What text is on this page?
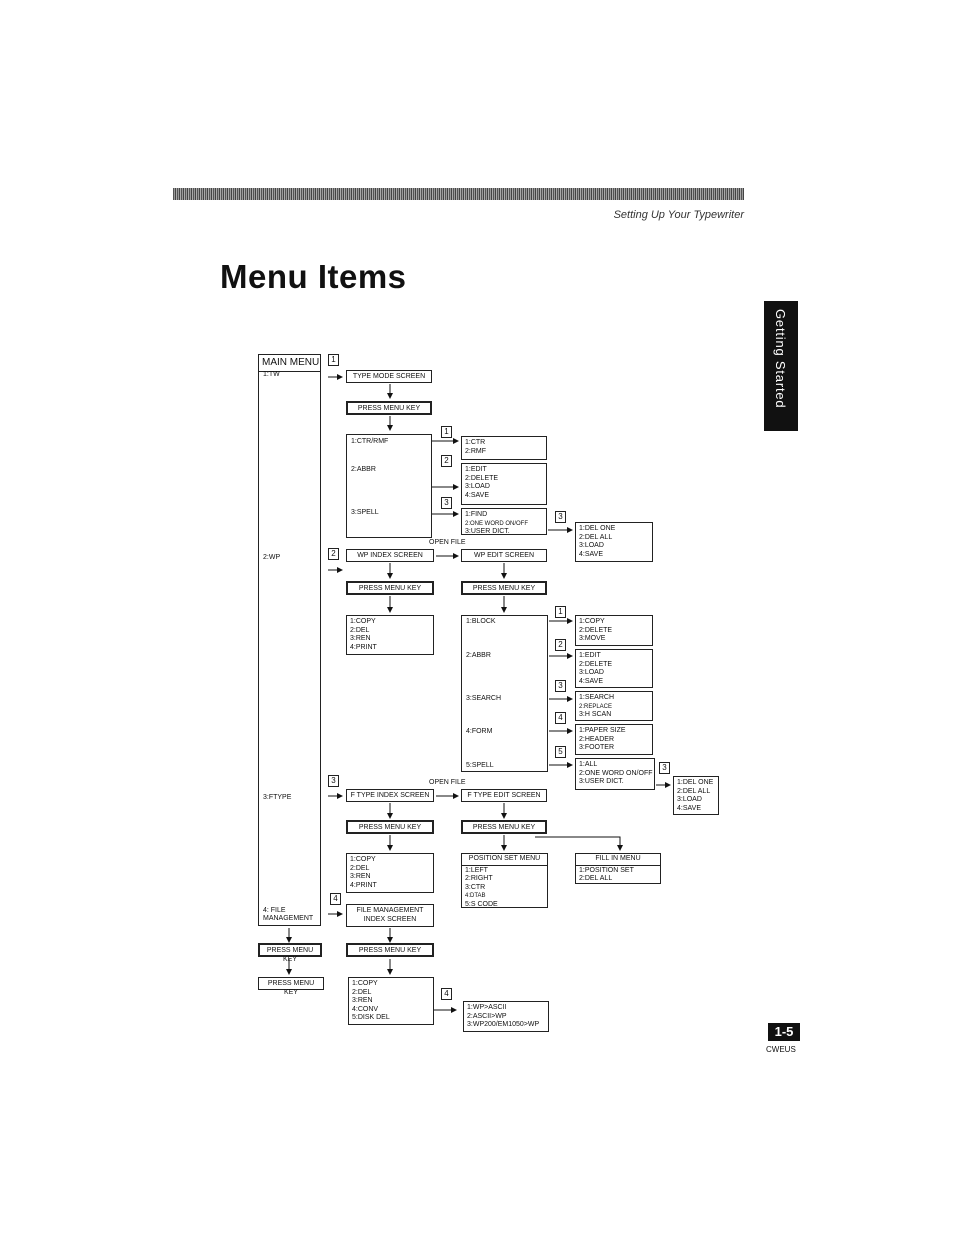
Setting Up Your Typewriter
Menu Items
Getting Started
1-5
CWEUS
MAIN MENU
1:TW
2:WP
3:FTYPE
4: FILE MANAGEMENT
PRESS MENU KEY
PRESS MENU KEY
1
2
3
4
TYPE MODE SCREEN
PRESS MENU KEY
1:CTR/RMF
2:ABBR
3:SPELL
1
2
3
1:CTR
2:RMF
1:EDIT
2:DELETE
3:LOAD
4:SAVE
1:FIND
2:ONE WORD ON/OFF
3:USER DICT.
3
1:DEL ONE
2:DEL ALL
3:LOAD
4:SAVE
OPEN FILE
WP INDEX SCREEN	WP EDIT SCREEN
PRESS MENU KEY	PRESS MENU KEY
1:COPY
2:DEL
3:REN
4:PRINT
1:BLOCK
2:ABBR
3:SEARCH
4:FORM
5:SPELL
1
2
3
4
5
1:COPY
2:DELETE
3:MOVE
1:EDIT
2:DELETE
3:LOAD
4:SAVE
1:SEARCH
2:REPLACE
3:H SCAN
1:PAPER SIZE
2:HEADER
3:FOOTER
1:ALL
2:ONE WORD ON/OFF
3:USER DICT.
3
1:DEL ONE
2:DEL ALL
3:LOAD
4:SAVE
OPEN FILE
F TYPE INDEX SCREEN	F TYPE EDIT SCREEN
PRESS MENU KEY	PRESS MENU KEY
1:COPY
2:DEL
3:REN
4:PRINT
POSITION SET MENU
1:LEFT
2:RIGHT
3:CTR
4:DTAB
5:S CODE
FILL IN MENU
1:POSITION SET
2:DEL ALL
FILE MANAGEMENT
INDEX SCREEN
PRESS MENU KEY
1:COPY
2:DEL
3:REN
4:CONV
5:DISK DEL
4
1:WP>ASCII
2:ASCII>WP
3:WP200/EM1050>WP
